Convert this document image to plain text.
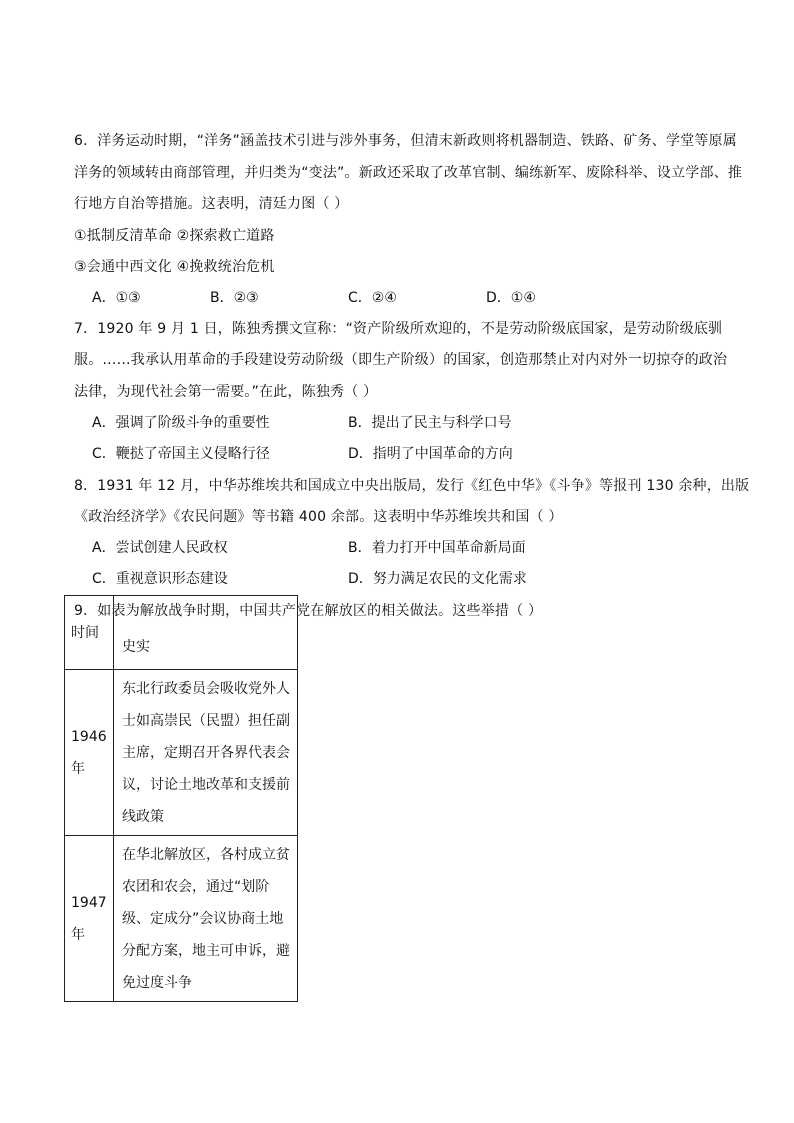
6．洋务运动时期，“洋务”涵盖技术引进与涉外事务，但清末新政则将机器制造、铁路、矿务、学堂等原属
洋务的领域转由商部管理，并归类为“变法”。新政还采取了改革官制、编练新军、废除科举、设立学部、推
行地方自治等措施。这表明，清廷力图（ ）
①抵制反清革命 ②探索救亡道路
③会通中西文化 ④挽救统治危机
A．①③	B．②③	C．②④	D．①④
7．1920 年 9 月 1 日，陈独秀撰文宣称：“资产阶级所欢迎的，不是劳动阶级底国家，是劳动阶级底驯
服。……我承认用革命的手段建设劳动阶级（即生产阶级）的国家，创造那禁止对内对外一切掠夺的政治
法律，为现代社会第一需要。”在此，陈独秀（ ）
A．强调了阶级斗争的重要性	B．提出了民主与科学口号
C．鞭挞了帝国主义侵略行径	D．指明了中国革命的方向
8．1931 年 12 月，中华苏维埃共和国成立中央出版局，发行《红色中华》《斗争》等报刊 130 余种，出版
《政治经济学》《农民问题》等书籍 400 余部。这表明中华苏维埃共和国（ ）
A．尝试创建人民政权	B．着力打开中国革命新局面
C．重视意识形态建设	D．努力满足农民的文化需求
9．如表为解放战争时期，中国共产党在解放区的相关做法。这些举措（ ）
时间	史实
1946 年	东北行政委员会吸收党外人士如高崇民（民盟）担任副主席，定期召开各界代表会议，讨论土地改革和支援前线政策
1947 年	在华北解放区，各村成立贫农团和农会，通过“划阶级、定成分”会议协商土地分配方案，地主可申诉，避免过度斗争
